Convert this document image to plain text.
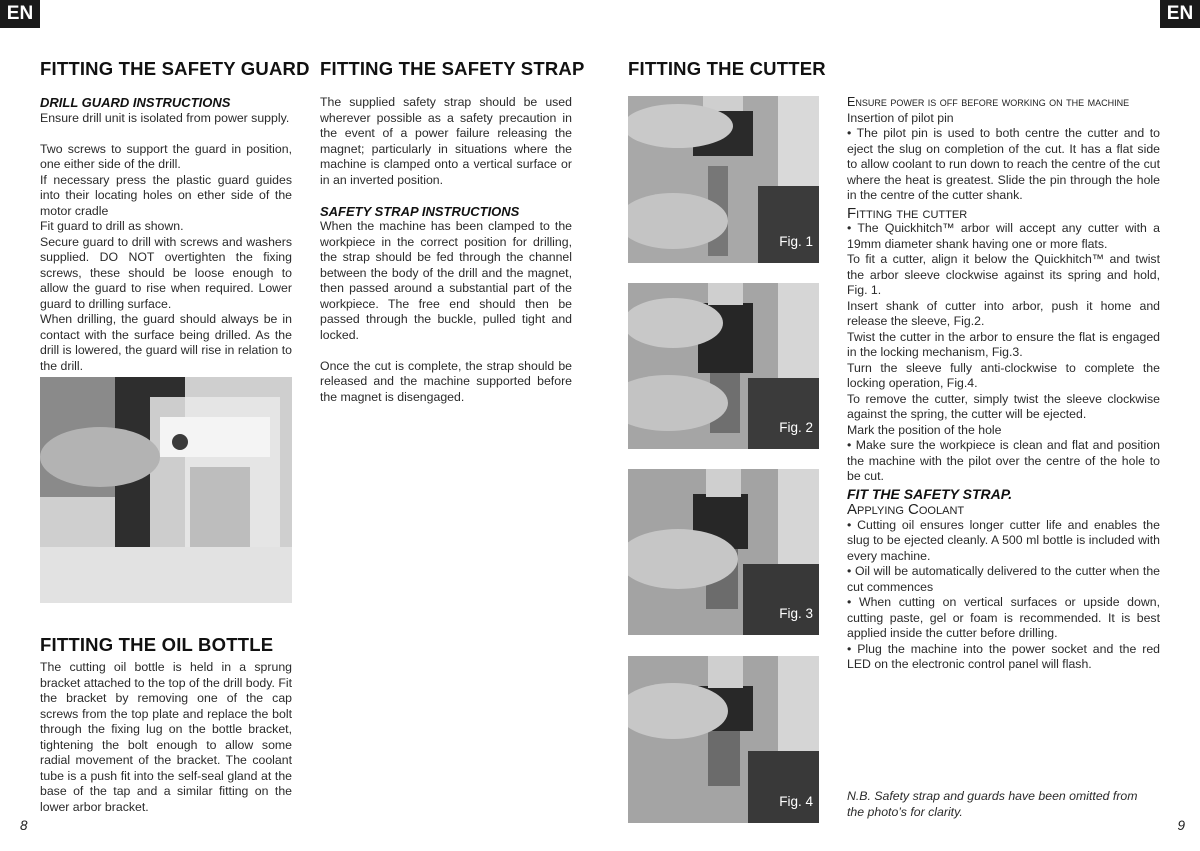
EN	EN
FITTING THE SAFETY GUARD

DRILL GUARD INSTRUCTIONS

Ensure drill unit is isolated from power supply.

Two screws to support the guard in position, one either side of the drill.

If necessary press the plastic guard guides into their locating holes on ether side of the motor cradle

Fit guard to drill as shown.

Secure guard to drill with screws and washers supplied. DO NOT overtighten the fixing screws, these should be loose enough to allow the guard to rise when required. Lower guard to drilling surface.

When drilling, the guard should always be in contact with the surface being drilled. As the drill is lowered, the guard will rise in relation to the drill.

FITTING THE OIL BOTTLE

The cutting oil bottle is held in a sprung bracket attached to the top of the drill body. Fit the bracket by removing one of the cap screws from the top plate and replace the bolt through the fixing lug on the bottle bracket, tightening the bolt enough to allow some radial movement of the bracket. The coolant tube is a push fit into the self-seal gland at the base of the tap and a similar fitting on the lower arbor bracket.

FITTING THE SAFETY STRAP

The supplied safety strap should be used wherever possible as a safety precaution in the event of a power failure releasing the magnet; particularly in situations where the machine is clamped onto a vertical surface or in an inverted position.

SAFETY STRAP INSTRUCTIONS

When the machine has been clamped to the workpiece in the correct position for drilling, the strap should be fed through the channel between the body of the drill and the magnet, then passed around a substantial part of the workpiece. The free end should then be passed through the buckle, pulled tight and locked.

Once the cut is complete, the strap should be released and the machine supported before the magnet is disengaged.

FITTING THE CUTTER
Fig. 1
Fig. 2
Fig. 3
Fig. 4

Ensure power is off before working on the machine

Insertion of pilot pin

• The pilot pin is used to both centre the cutter and to eject the slug on completion of the cut. It has a flat side to allow coolant to run down to reach the centre of the cut where the heat is greatest. Slide the pin through the hole in the centre of the cutter shank.

Fitting the cutter

• The Quickhitch™ arbor will accept any cutter with a 19mm diameter shank having one or more flats.

To fit a cutter, align it below the Quickhitch™ and twist the arbor sleeve clockwise against its spring and hold, Fig. 1.

Insert shank of cutter into arbor, push it home and release the sleeve, Fig.2.

Twist the cutter in the arbor to ensure the flat is engaged in the locking mechanism, Fig.3.

Turn the sleeve fully anti-clockwise to complete the locking operation, Fig.4.

To remove the cutter, simply twist the sleeve clockwise against the spring, the cutter will be ejected.

Mark the position of the hole

• Make sure the workpiece is clean and flat and position the machine with the pilot over the centre of the hole to be cut.

FIT THE SAFETY STRAP.

Applying Coolant

• Cutting oil ensures longer cutter life and enables the slug to be ejected cleanly. A 500 ml bottle is included with every machine.

• Oil will be automatically delivered to the cutter when the cut commences

• When cutting on vertical surfaces or upside down, cutting paste, gel or foam is recommended. It is best applied inside the cutter before drilling.

• Plug the machine into the power socket and the red LED on the electronic control panel will flash.

N.B. Safety strap and guards have been omitted from the photo’s for clarity.
8	9
